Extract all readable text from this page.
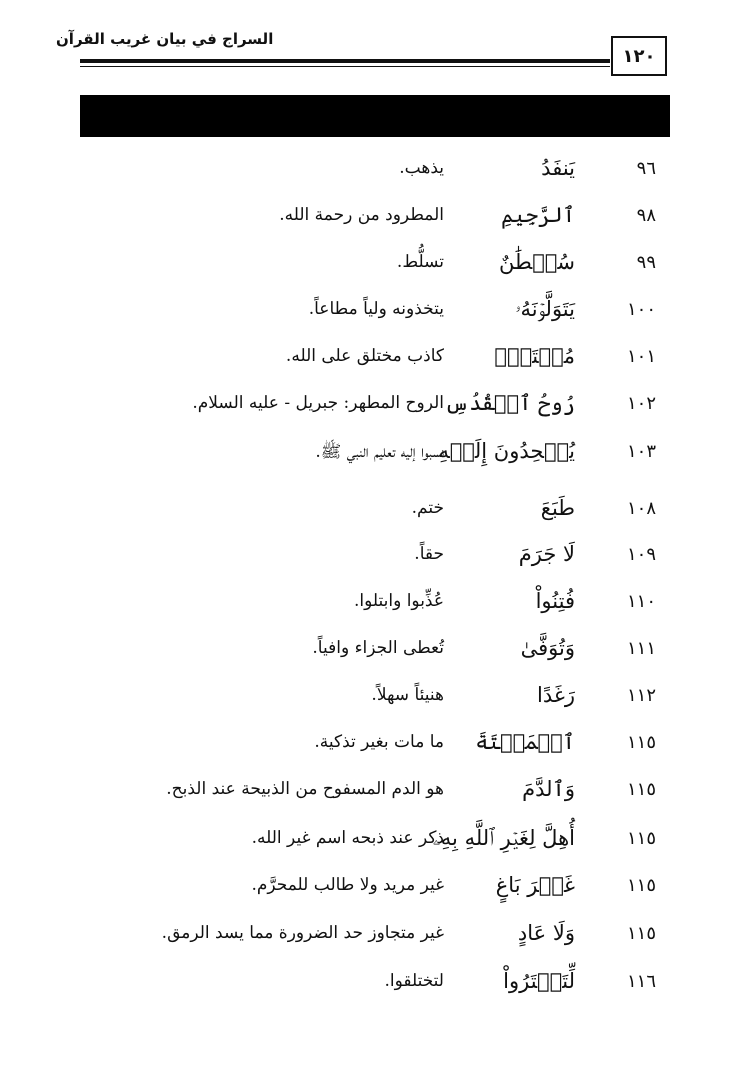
السراج في بيان غريب القرآن
١٢٠
٩٦
يَنفَدُ
يذهب.
٩٨
ٱلرَّجِيمِ
المطرود من رحمة الله.
٩٩
سُلۡطَٰنٌ
تسلُّط.
١٠٠
يَتَوَلَّوۡنَهُۥ
يتخذونه ولياً مطاعاً.
١٠١
مُفۡتَرِۭ
كاذب مختلق على الله.
١٠٢
رُوحُ ٱلۡقُدُسِ
الروح المطهر: جبريل - عليه السلام.
١٠٣
يُلۡحِدُونَ إِلَيۡهِ
نسبوا إليه تعليم النبي ﷺ.
١٠٨
طَبَعَ
ختم.
١٠٩
لَا جَرَمَ
حقاً.
١١٠
فُتِنُواْ
عُذِّبوا وابتلوا.
١١١
وَتُوَفَّىٰ
تُعطى الجزاء وافياً.
١١٢
رَغَدًا
هنيئاً سهلاً.
١١٥
ٱلۡمَيۡتَةَ
ما مات بغير تذكية.
١١٥
وَٱلدَّمَ
هو الدم المسفوح من الذبيحة عند الذبح.
١١٥
أُهِلَّ لِغَيۡرِ ٱللَّهِ بِهِۦ
ذكر عند ذبحه اسم غير الله.
١١٥
غَيۡرَ بَاغٍ
غير مريد ولا طالب للمحرَّم.
١١٥
وَلَا عَادٍ
غير متجاوز حد الضرورة مما يسد الرمق.
١١٦
لِّتَفۡتَرُواْ
لتختلقوا.
